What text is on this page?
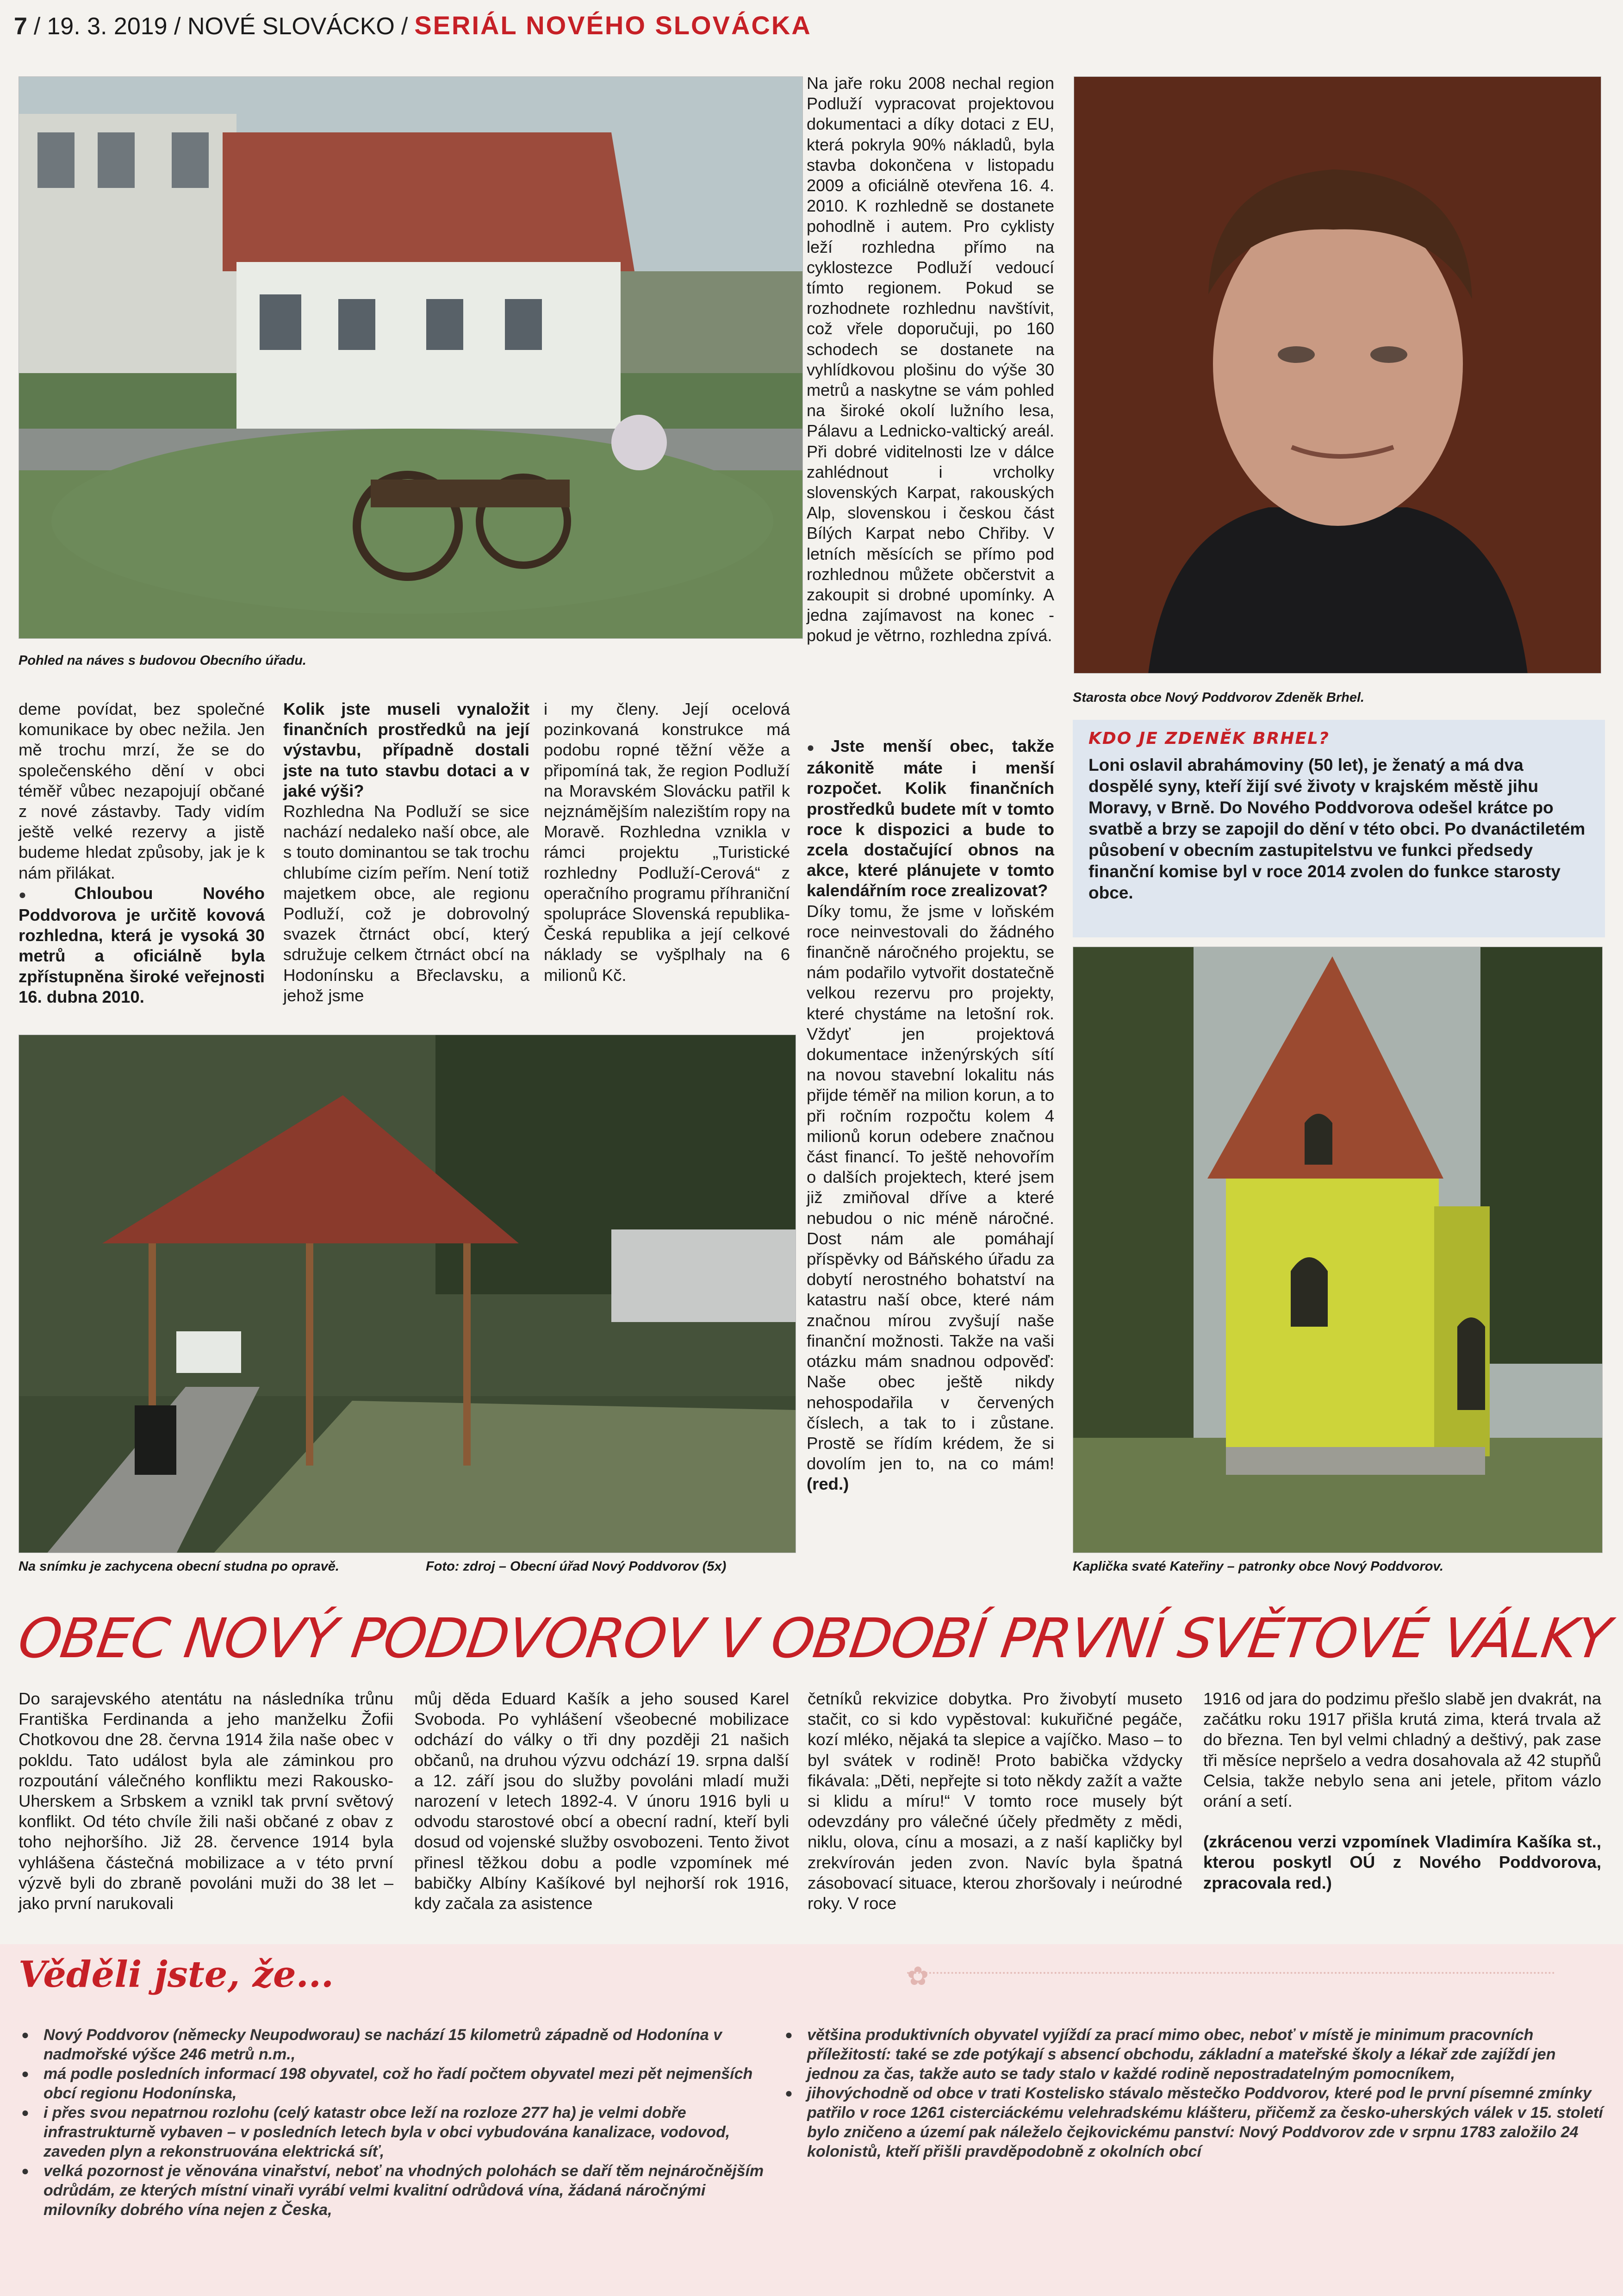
7 / 19. 3. 2019 / NOVÉ SLOVÁCKO / SERIÁL NOVÉHO SLOVÁCKA
Pohled na náves s budovou Obecního úřadu.
Na jaře roku 2008 nechal region Podluží vypracovat projektovou dokumentaci a díky dotaci z EU, která pokryla 90% nákladů, byla stavba dokončena v listopadu 2009 a oficiálně otevřena 16. 4. 2010. K rozhledně se dostanete pohodlně i autem. Pro cyklisty leží rozhledna přímo na cyklostezce Podluží vedoucí tímto regionem. Pokud se rozhodnete rozhlednu navštívit, což vřele doporučuji, po 160 schodech se dostanete na vyhlídkovou plošinu do výše 30 metrů a naskytne se vám pohled na široké okolí lužního lesa, Pálavu a Lednicko-valtický areál. Při dobré viditelnosti lze v dálce zahlédnout i vrcholky slovenských Karpat, rakouských Alp, slovenskou i českou část Bílých Karpat nebo Chřiby. V letních měsících se přímo pod rozhlednou můžete občerstvit a zakoupit si drobné upomínky. A jedna zajímavost na konec - pokud je větrno, rozhledna zpívá.
Starosta obce Nový Poddvorov Zdeněk Brhel.
KDO JE ZDENĚK BRHEL?

Loni oslavil abrahámoviny (50 let), je ženatý a má dva dospělé syny, kteří žijí své životy v krajském městě jihu Moravy, v Brně. Do Nového Poddvorova odešel krátce po svatbě a brzy se zapojil do dění v této obci. Po dvanáctiletém působení v obecním zastupitelstvu ve funkci předsedy finanční komise byl v roce 2014 zvolen do funkce starosty obce.

deme povídat, bez společné komunikace by obec nežila. Jen mě trochu mrzí, že se do společenského dění v obci téměř vůbec nezapojují občané z nové zástavby. Tady vidím ještě velké rezervy a jistě budeme hledat způsoby, jak je k nám přilákat.

● Chloubou Nového Poddvorova je určitě kovová rozhledna, která je vysoká 30 metrů a oficiálně byla zpřístupněna široké veřejnosti 16. dubna 2010.

Kolik jste museli vynaložit finančních prostředků na její výstavbu, případně dostali jste na tuto stavbu dotaci a v jaké výši?

Rozhledna Na Podluží se sice nachází nedaleko naší obce, ale s touto dominantou se tak trochu chlubíme cizím peřím. Není totiž majetkem obce, ale regionu Podluží, což je dobrovolný svazek čtrnáct obcí, který sdružuje celkem čtrnáct obcí na Hodonínsku a Břeclavsku, a jehož jsme

i my členy. Její ocelová pozinkovaná konstrukce má podobu ropné těžní věže a připomíná tak, že region Podluží na Moravském Slovácku patřil k nejznámějším nalezištím ropy na Moravě. Rozhledna vznikla v rámci projektu „Turistické rozhledny Podluží-Cerová“ z operačního programu příhraniční spolupráce Slovenská republika-Česká republika a její celkové náklady se vyšplhaly na 6 milionů Kč.

● Jste menší obec, takže zákonitě máte i menší rozpočet. Kolik finančních prostředků budete mít v tomto roce k dispozici a bude to zcela dostačující obnos na akce, které plánujete v tomto kalendářním roce zrealizovat?

Díky tomu, že jsme v loňském roce neinvestovali do žádného finančně náročného projektu, se nám podařilo vytvořit dostatečně velkou rezervu pro projekty, které chystáme na letošní rok. Vždyť jen projektová dokumentace inženýrských sítí na novou stavební lokalitu nás přijde téměř na milion korun, a to při ročním rozpočtu kolem 4 milionů korun odebere značnou část financí. To ještě nehovořím o dalších projektech, které jsem již zmiňoval dříve a které nebudou o nic méně náročné. Dost nám ale pomáhají příspěvky od Báňského úřadu za dobytí nerostného bohatství na katastru naší obce, které nám značnou mírou zvyšují naše finanční možnosti. Takže na vaši otázku mám snadnou odpověď: Naše obec ještě nikdy nehospodařila v červených číslech, a tak to i zůstane. Prostě se řídím krédem, že si dovolím jen to, na co mám! (red.)

Na snímku je zachycena obecní studna po opravě.	Foto: zdroj – Obecní úřad Nový Poddvorov (5x)	Kaplička svaté Kateřiny – patronky obce Nový Poddvorov.
OBEC NOVÝ PODDVOROV V OBDOBÍ PRVNÍ SVĚTOVÉ VÁLKY
Do sarajevského atentátu na následníka trůnu Františka Ferdinanda a jeho manželku Žofii Chotkovou dne 28. června 1914 žila naše obec v pokldu. Tato událost byla ale záminkou pro rozpoutání válečného konfliktu mezi Rakousko-Uherskem a Srbskem a vznikl tak první světový konflikt. Od této chvíle žili naši občané z obav z toho nejhoršího. Již 28. července 1914 byla vyhlášena částečná mobilizace a v této první výzvě byli do zbraně povoláni muži do 38 let – jako první narukovali
můj děda Eduard Kašík a jeho soused Karel Svoboda. Po vyhlášení všeobecné mobilizace odchází do války o tři dny později 21 našich občanů, na druhou výzvu odchází 19. srpna další a 12. září jsou do služby povoláni mladí muži narození v letech 1892-4. V únoru 1916 byli u odvodu starostové obcí a obecní radní, kteří byli dosud od vojenské služby osvobozeni. Tento život přinesl těžkou dobu a podle vzpomínek mé babičky Albíny Kašíkové byl nejhorší rok 1916, kdy začala za asistence
četníků rekvizice dobytka. Pro živobytí museto stačit, co si kdo vypěstoval: kukuřičné pegáče, kozí mléko, nějaká ta slepice a vajíčko. Maso – to byl svátek v rodině! Proto babička vždycky fikávala: „Děti, nepřejte si toto někdy zažít a važte si klidu a míru!“ V tomto roce musely být odevzdány pro válečné účely předměty z mědi, niklu, olova, cínu a mosazi, a z naší kapličky byl zrekvírován jeden zvon. Navíc byla špatná zásobovací situace, kterou zhoršovaly i neúrodné roky. V roce

1916 od jara do podzimu přešlo slabě jen dvakrát, na začátku roku 1917 přišla krutá zima, která trvala až do března. Ten byl velmi chladný a deštivý, pak zase tři měsíce nepršelo a vedra dosahovala až 42 stupňů Celsia, takže nebylo sena ani jetele, přitom vázlo orání a setí.

(zkrácenou verzi vzpomínek Vladimíra Kašíka st., kterou poskytl OÚ z Nového Poddvorova, zpracovala red.)

✿
Věděli jste, že...
● Nový Poddvorov (německy Neupodworau) se nachází 15 kilometrů západně od Hodonína v nadmořské výšce 246 metrů n.m.,
● má podle posledních informací 198 obyvatel, což ho řadí počtem obyvatel mezi pět nejmenších obcí regionu Hodonínska,
● i přes svou nepatrnou rozlohu (celý katastr obce leží na rozloze 277 ha) je velmi dobře infrastrukturně vybaven – v posledních letech byla v obci vybudována kanalizace, vodovod, zaveden plyn a rekonstruována elektrická síť,
● velká pozornost je věnována vinařství, neboť na vhodných polohách se daří těm nejnáročnějším odrůdám, ze kterých místní vinaři vyrábí velmi kvalitní odrůdová vína, žádaná náročnými milovníky dobrého vína nejen z Česka,
● většina produktivních obyvatel vyjíždí za prací mimo obec, neboť v místě je minimum pracovních příležitostí: také se zde potýkají s absencí obchodu, základní a mateřské školy a lékař zde zajíždí jen jednou za čas, takže auto se tady stalo v každé rodině nepostradatelným pomocníkem,
● jihovýchodně od obce v trati Kostelisko stávalo městečko Poddvorov, které pod le první písemné zmínky patřilo v roce 1261 cisterciáckému velehradskému klášteru, přičemž za česko-uherských válek v 15. století bylo zničeno a území pak náleželo čejkovickému panství: Nový Poddvorov zde v srpnu 1783 založilo 24 kolonistů, kteří přišli pravděpodobně z okolních obcí
